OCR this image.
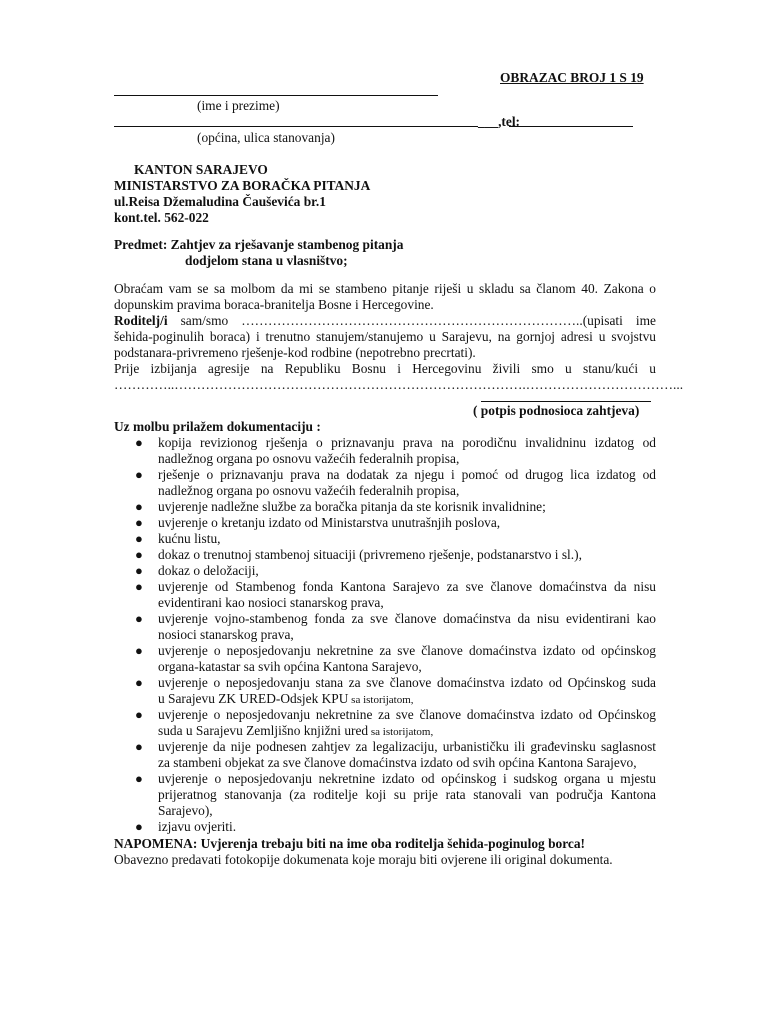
OBRAZAC BROJ 1 S 19
(ime i prezime)
___,tel:
(općina, ulica stanovanja)
KANTON SARAJEVO
MINISTARSTVO ZA BORAČKA PITANJA
ul.Reisa Džemaludina Čauševića br.1
kont.tel. 562-022
Predmet: Zahtjev za rješavanje stambenog pitanja
dodjelom stana u vlasništvo;
Obraćam vam se sa molbom da mi se stambeno pitanje riješi u skladu sa članom 40. Zakona o
dopunskim pravima boraca-branitelja Bosne i Hercegovine.
Roditelj/i sam/smo …………………………………………………………………..(upisati ime
šehida-poginulih boraca) i trenutno stanujem/stanujemo u Sarajevu, na gornjoj adresi u svojstvu
podstanara-privremeno rješenje-kod rodbine (nepotrebno precrtati).
Prije izbijanja agresije na Republiku Bosnu i Hercegovinu živili smo u stanu/kući u
…………..…………………………………………………………………….……………………………...
( potpis podnosioca zahtjeva)
Uz molbu prilažem dokumentaciju :
● kopija revizionog rješenja o priznavanju prava na porodičnu invalidninu izdatog od
nadležnog organa po osnovu važećih federalnih propisa,
● rješenje o priznavanju prava na dodatak za njegu i pomoć od drugog lica izdatog od
nadležnog organa po osnovu važećih federalnih propisa,
● uvjerenje nadležne službe za boračka pitanja da ste korisnik invalidnine;
● uvjerenje o kretanju izdato od Ministarstva unutrašnjih poslova,
● kućnu listu,
● dokaz o trenutnoj stambenoj situaciji (privremeno rješenje, podstanarstvo i sl.),
● dokaz o deložaciji,
● uvjerenje od Stambenog fonda Kantona Sarajevo za sve članove domaćinstva da nisu
evidentirani kao nosioci stanarskog prava,
● uvjerenje vojno-stambenog fonda za sve članove domaćinstva da nisu evidentirani kao
nosioci stanarskog prava,
● uvjerenje o neposjedovanju nekretnine za sve članove domaćinstva izdato od općinskog
organa-katastar sa svih općina Kantona Sarajevo,
● uvjerenje o neposjedovanju stana za sve članove domaćinstva izdato od Općinskog suda
u Sarajevu ZK URED-Odsjek KPU sa istorijatom,
● uvjerenje o neposjedovanju nekretnine za sve članove domaćinstva izdato od Općinskog
suda u Sarajevu Zemljišno knjižni ured sa istorijatom,
● uvjerenje da nije podnesen zahtjev za legalizaciju, urbanističku ili građevinsku saglasnost
za stambeni objekat za sve članove domaćinstva izdato od svih općina Kantona Sarajevo,
● uvjerenje o neposjedovanju nekretnine izdato od općinskog i sudskog organa u mjestu
prijeratnog stanovanja (za roditelje koji su prije rata stanovali van područja Kantona
Sarajevo),
● izjavu ovjeriti.
NAPOMENA: Uvjerenja trebaju biti na ime oba roditelja šehida-poginulog borca!
Obavezno predavati fotokopije dokumenata koje moraju biti ovjerene ili original dokumenta.
